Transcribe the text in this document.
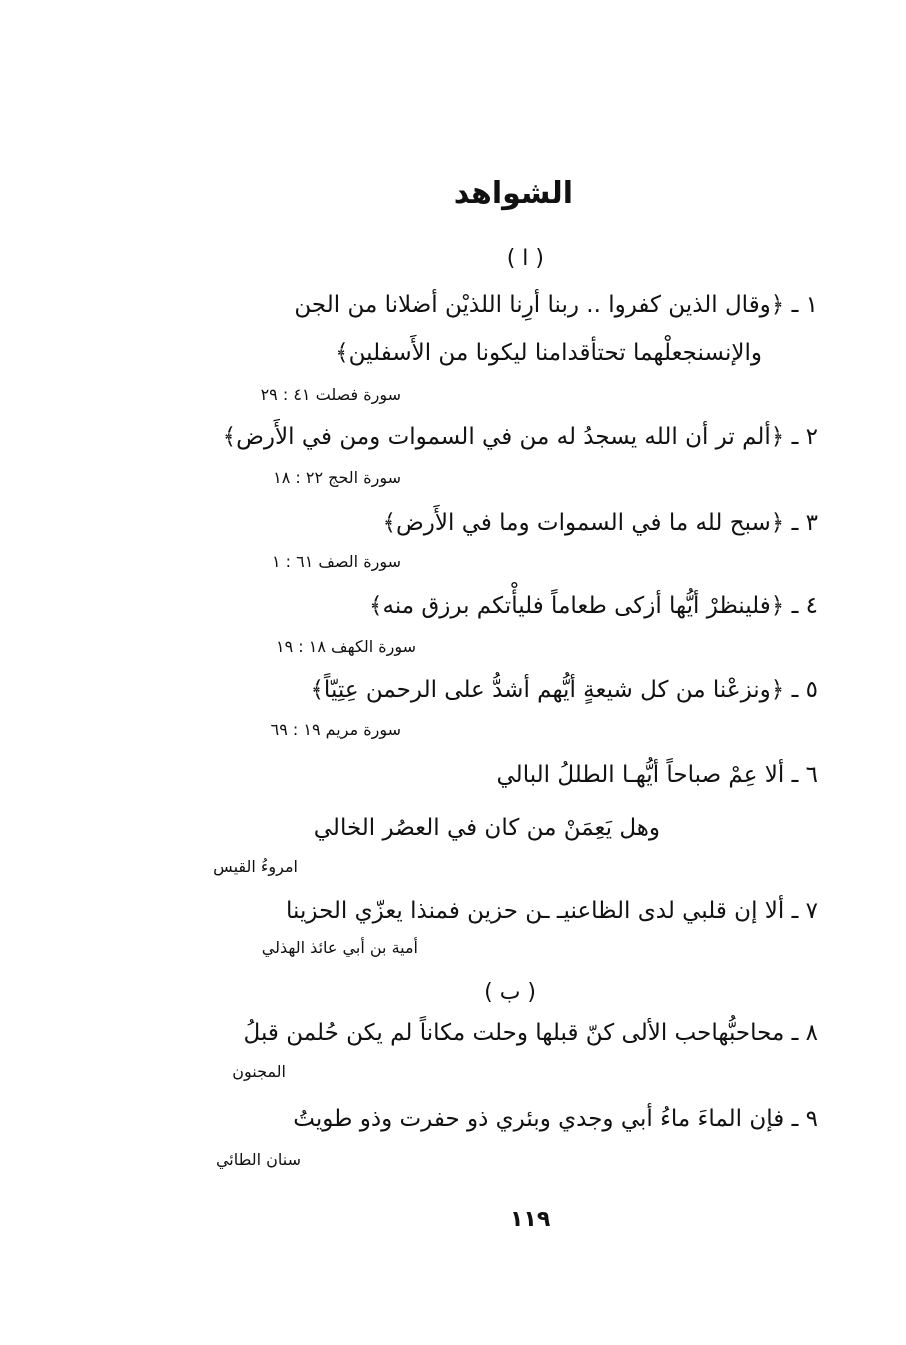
الشواهد
( ا )
١ ـ ﴿وقال الذين كفروا .. ربنا أرِنا اللذيْن أضلانا من الجن
والإنسنجعلْهما تحتأقدامنا ليكونا من الأَسفلين﴾
سورة فصلت ٤١ : ٢٩
٢ ـ ﴿ألم تر أن الله يسجدُ له من في السموات ومن في الأَرض﴾
سورة الحج ٢٢ : ١٨
٣ ـ ﴿سبح لله ما في السموات وما في الأَرض﴾
سورة الصف ٦١ : ١
٤ ـ ﴿فلينظرْ أيُّها أزكى طعاماً فليأْتكم برزق منه﴾
سورة الكهف ١٨ : ١٩
٥ ـ ﴿ونزعْنا من كل شيعةٍ أيُّهم أشدُّ على الرحمن عِتِيّاً﴾
سورة مريم ١٩ : ٦٩
٦ ـ ألا عِمْ صباحاً أيُّهـا الطللُ البالي
وهل يَعِمَنْ من كان في العصُر الخالي
امروءُ القيس
٧ ـ ألا إن قلبي لدى الظاعنيـ ـن حزين فمنذا يعزّي الحزينا
أمية بن أبي عائذ الهذلي
( ب )
٨ ـ محاحبُّهاحب الألى كنّ قبلها وحلت مكاناً لم يكن حُلمن قبلُ
المجنون
٩ ـ فإن الماءَ ماءُ أبي وجدي وبئري ذو حفرت وذو طويتُ
سنان الطائي
١١٩
